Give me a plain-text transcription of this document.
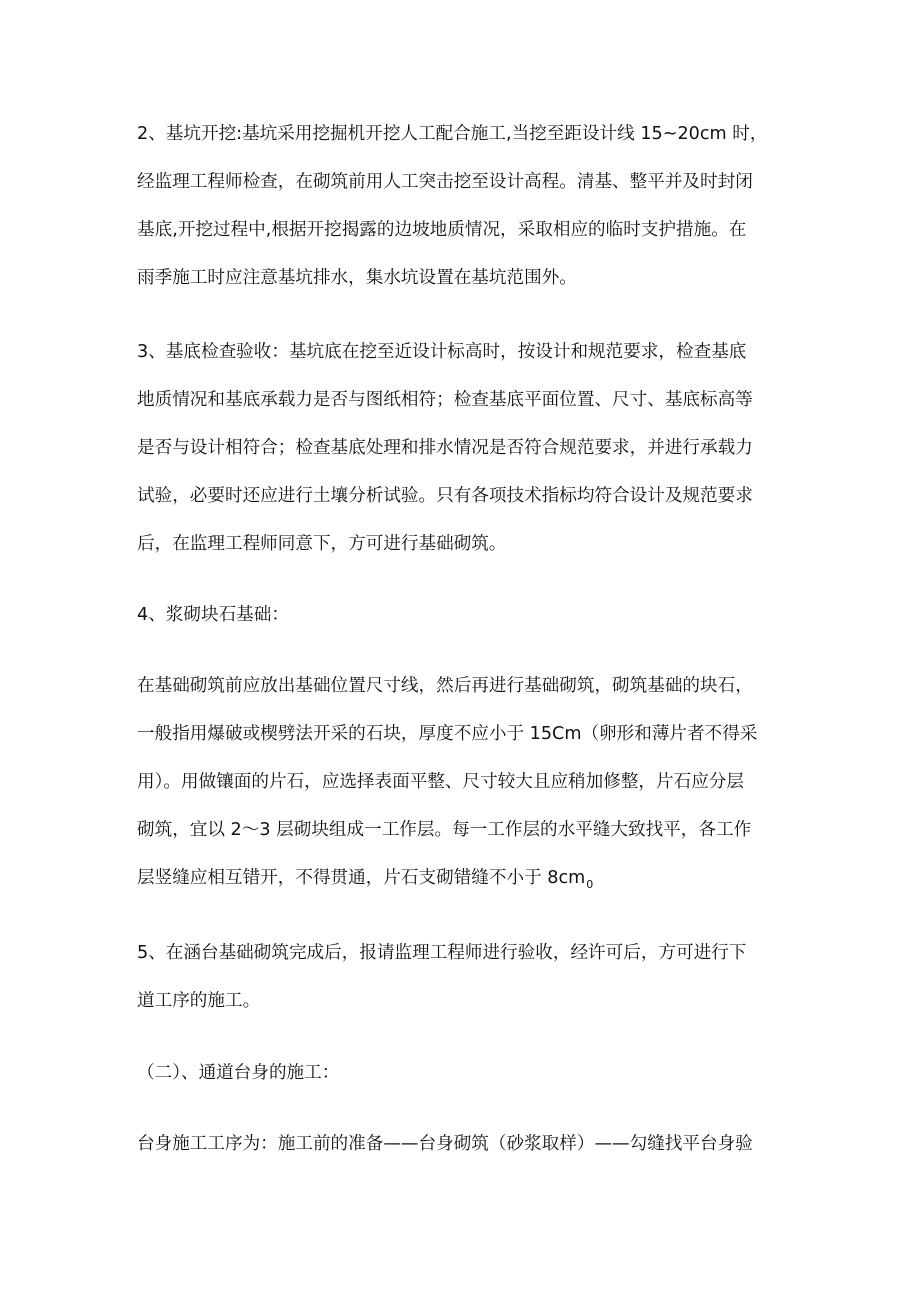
2、基坑开挖:基坑采用挖掘机开挖人工配合施工,当挖至距设计线 15~20cm 时，
经监理工程师检查，在砌筑前用人工突击挖至设计高程。清基、整平并及时封闭
基底,开挖过程中,根据开挖揭露的边坡地质情况，采取相应的临时支护措施。在
雨季施工时应注意基坑排水，集水坑设置在基坑范围外。
3、基底检查验收：基坑底在挖至近设计标高时，按设计和规范要求，检查基底
地质情况和基底承载力是否与图纸相符；检查基底平面位置、尺寸、基底标高等
是否与设计相符合；检查基底处理和排水情况是否符合规范要求，并进行承载力
试验，必要时还应进行土壤分析试验。只有各项技术指标均符合设计及规范要求
后，在监理工程师同意下，方可进行基础砌筑。
4、浆砌块石基础：
在基础砌筑前应放出基础位置尺寸线，然后再进行基础砌筑，砌筑基础的块石，
一般指用爆破或楔劈法开采的石块，厚度不应小于 15Cm（卵形和薄片者不得采
用）。用做镶面的片石，应选择表面平整、尺寸较大且应稍加修整，片石应分层
砌筑，宜以 2～3 层砌块组成一工作层。每一工作层的水平缝大致找平，各工作
层竖缝应相互错开，不得贯通，片石支砌错缝不小于 $8cm_0$
5、在涵台基础砌筑完成后，报请监理工程师进行验收，经许可后，方可进行下
道工序的施工。
（二）、通道台身的施工：
台身施工工序为：施工前的准备——台身砌筑（砂浆取样）——勾缝找平台身验
